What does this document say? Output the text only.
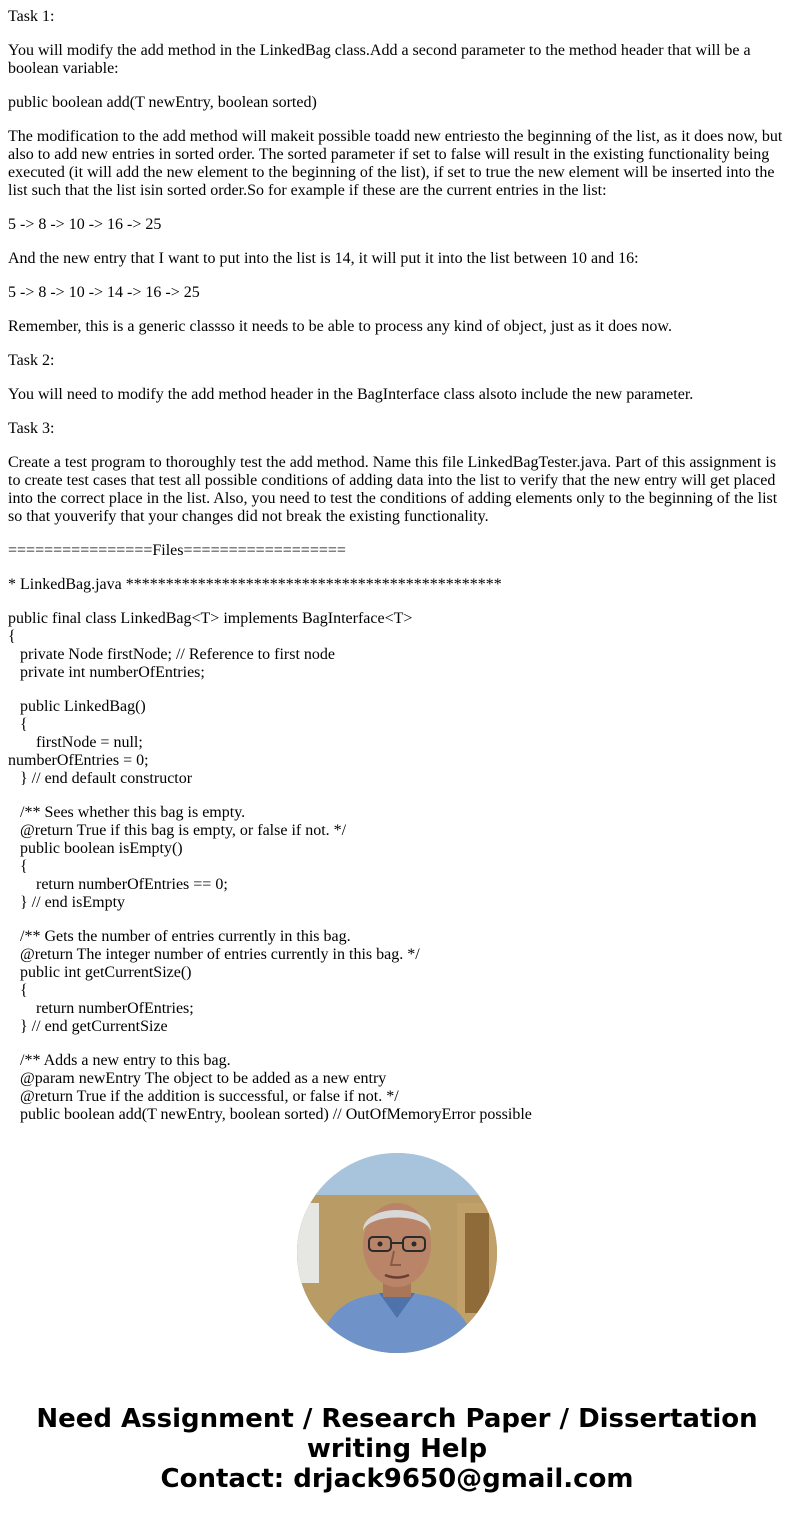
Task 1:
You will modify the add method in the LinkedBag class.Add a second parameter to the method header that will be a boolean variable:
public boolean add(T newEntry, boolean sorted)
The modification to the add method will makeit possible toadd new entriesto the beginning of the list, as it does now, but also to add new entries in sorted order. The sorted parameter if set to false will result in the existing functionality being executed (it will add the new element to the beginning of the list), if set to true the new element will be inserted into the list such that the list isin sorted order.So for example if these are the current entries in the list:
5 -> 8 -> 10 -> 16 -> 25
And the new entry that I want to put into the list is 14, it will put it into the list between 10 and 16:
5 -> 8 -> 10 -> 14 -> 16 -> 25
Remember, this is a generic classso it needs to be able to process any kind of object, just as it does now.
Task 2:
You will need to modify the add method header in the BagInterface class alsoto include the new parameter.
Task 3:
Create a test program to thoroughly test the add method. Name this file LinkedBagTester.java. Part of this assignment is to create test cases that test all possible conditions of adding data into the list to verify that the new entry will get placed into the correct place in the list. Also, you need to test the conditions of adding elements only to the beginning of the list so that youverify that your changes did not break the existing functionality.
================Files==================
* LinkedBag.java ***********************************************
public final class LinkedBag<T> implements BagInterface<T>
{
private Node firstNode; // Reference to first node
private int numberOfEntries;
public LinkedBag()
{
firstNode = null;
numberOfEntries = 0;
} // end default constructor
/** Sees whether this bag is empty.
@return True if this bag is empty, or false if not. */
public boolean isEmpty()
{
return numberOfEntries == 0;
} // end isEmpty
/** Gets the number of entries currently in this bag.
@return The integer number of entries currently in this bag. */
public int getCurrentSize()
{
return numberOfEntries;
} // end getCurrentSize
/** Adds a new entry to this bag.
@param newEntry The object to be added as a new entry
@return True if the addition is successful, or false if not. */
public boolean add(T newEntry, boolean sorted) // OutOfMemoryError possible
Need Assignment / Research Paper / Dissertation
writing Help
Contact: drjack9650@gmail.com
